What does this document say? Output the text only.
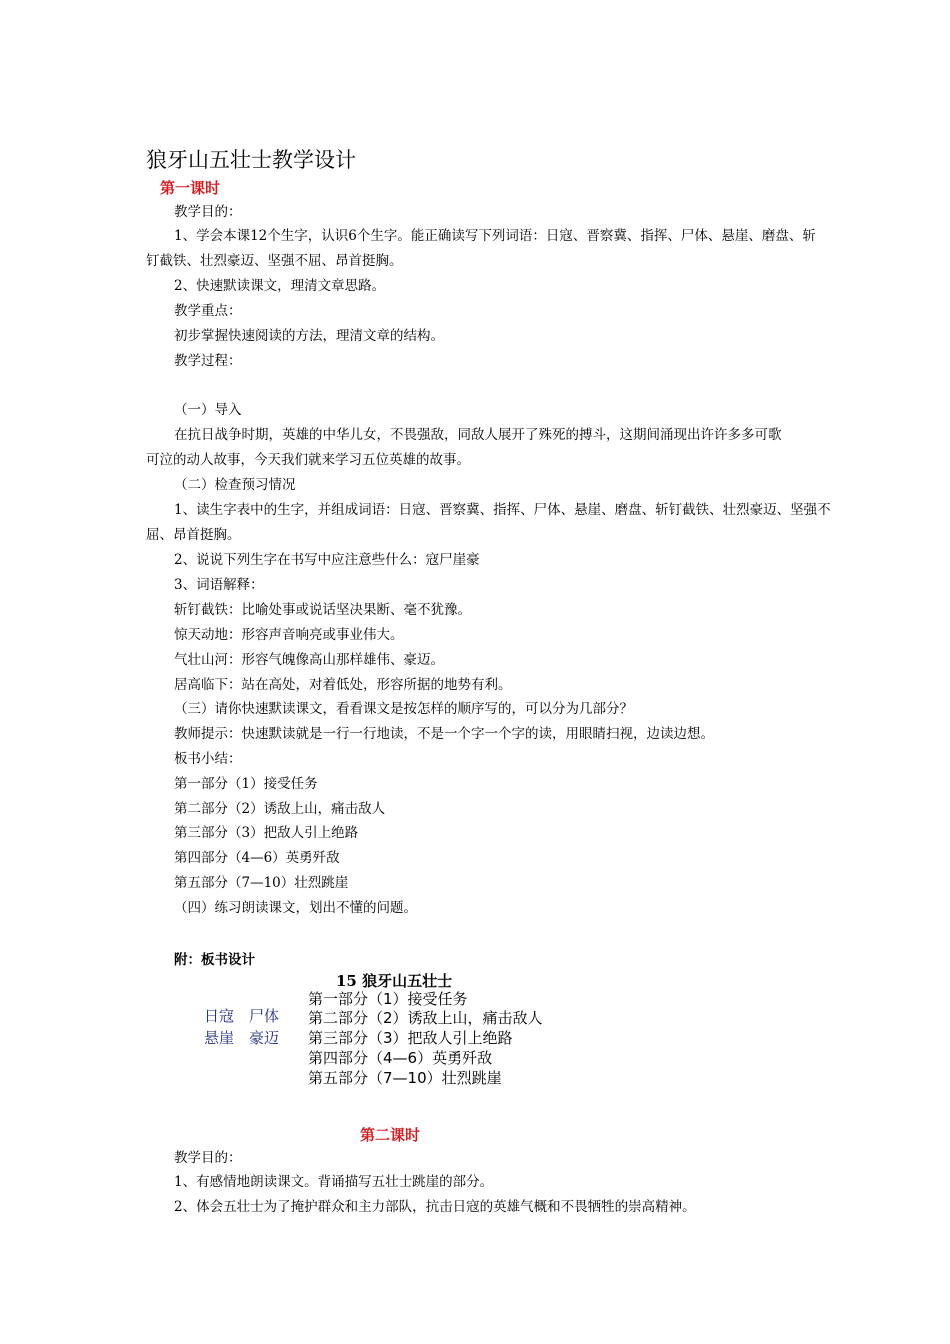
狼牙山五壮士教学设计
第一课时
教学目的：
1、学会本课12个生字，认识6个生字。能正确读写下列词语：日寇、晋察冀、指挥、尸体、悬崖、磨盘、斩
钉截铁、壮烈豪迈、坚强不屈、昂首挺胸。
2、快速默读课文，理清文章思路。
教学重点：
初步掌握快速阅读的方法，理清文章的结构。
教学过程：
（一）导入
在抗日战争时期，英雄的中华儿女，不畏强敌，同敌人展开了殊死的搏斗，这期间涌现出许许多多可歌
可泣的动人故事，今天我们就来学习五位英雄的故事。
（二）检查预习情况
1、读生字表中的生字，并组成词语：日寇、晋察冀、指挥、尸体、悬崖、磨盘、斩钉截铁、壮烈豪迈、坚强不
屈、昂首挺胸。
2、说说下列生字在书写中应注意些什么：寇尸崖豪
3、词语解释：
斩钉截铁：比喻处事或说话坚决果断、毫不犹豫。
惊天动地：形容声音响亮或事业伟大。
气壮山河：形容气魄像高山那样雄伟、豪迈。
居高临下：站在高处，对着低处，形容所据的地势有利。
（三）请你快速默读课文，看看课文是按怎样的顺序写的，可以分为几部分？
教师提示：快速默读就是一行一行地读，不是一个字一个字的读，用眼睛扫视，边读边想。
板书小结：
第一部分（1）接受任务
第二部分（2）诱敌上山，痛击敌人
第三部分（3）把敌人引上绝路
第四部分（4—6）英勇歼敌
第五部分（7—10）壮烈跳崖
（四）练习朗读课文，划出不懂的问题。
附：板书设计
15 狼牙山五壮士
日寇 尸体
悬崖 豪迈
第一部分（1）接受任务
第二部分（2）诱敌上山，痛击敌人
第三部分（3）把敌人引上绝路
第四部分（4—6）英勇歼敌
第五部分（7—10）壮烈跳崖
第二课时
教学目的：
1、有感情地朗读课文。背诵描写五壮士跳崖的部分。
2、体会五壮士为了掩护群众和主力部队，抗击日寇的英雄气概和不畏牺牲的崇高精神。
